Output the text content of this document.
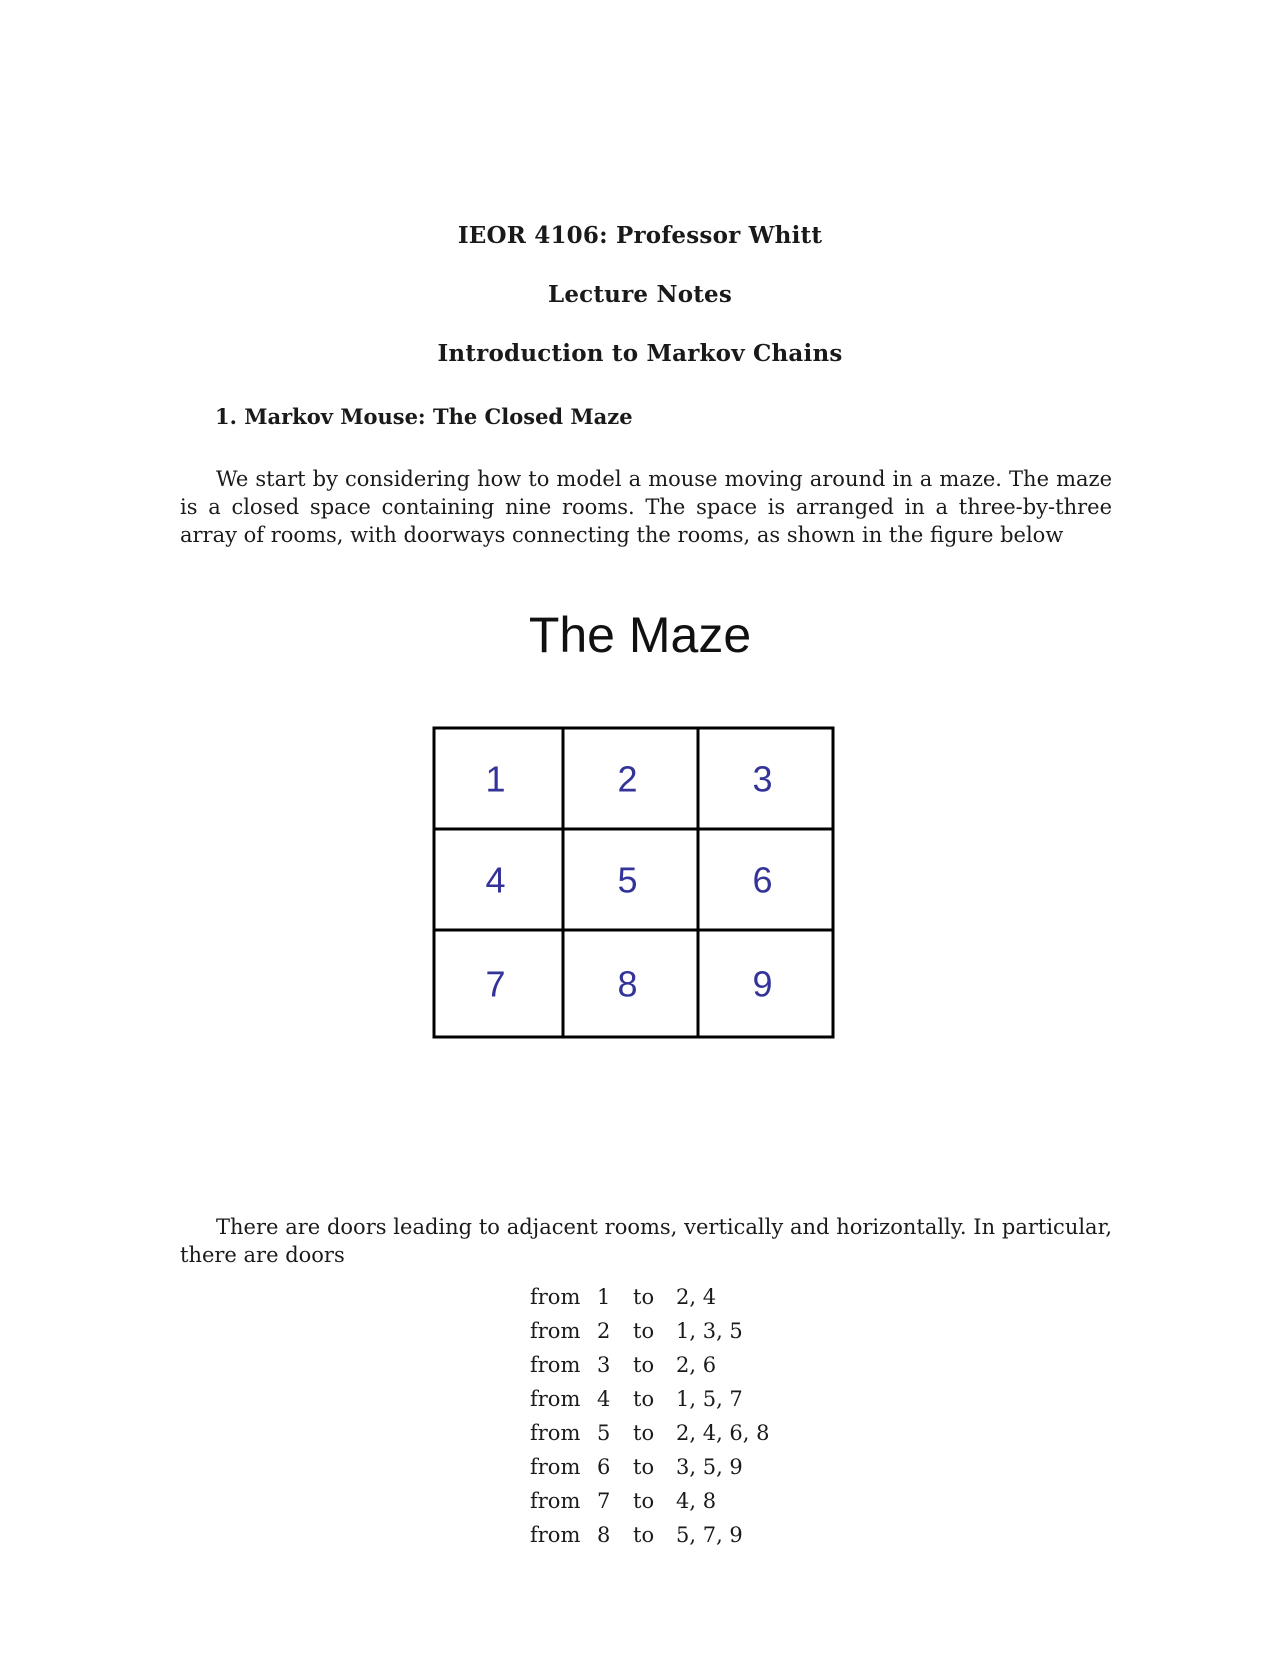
IEOR 4106: Professor Whitt
Lecture Notes
Introduction to Markov Chains
1. Markov Mouse: The Closed Maze
We start by considering how to model a mouse moving around in a maze. The maze is a closed space containing nine rooms. The space is arranged in a three-by-three array of rooms, with doorways connecting the rooms, as shown in the figure below
The Maze
1	2	3
4	5	6
7	8	9
There are doors leading to adjacent rooms, vertically and horizontally. In particular, there are doors
from	1	to	2, 4
from	2	to	1, 3, 5
from	3	to	2, 6
from	4	to	1, 5, 7
from	5	to	2, 4, 6, 8
from	6	to	3, 5, 9
from	7	to	4, 8
from	8	to	5, 7, 9
